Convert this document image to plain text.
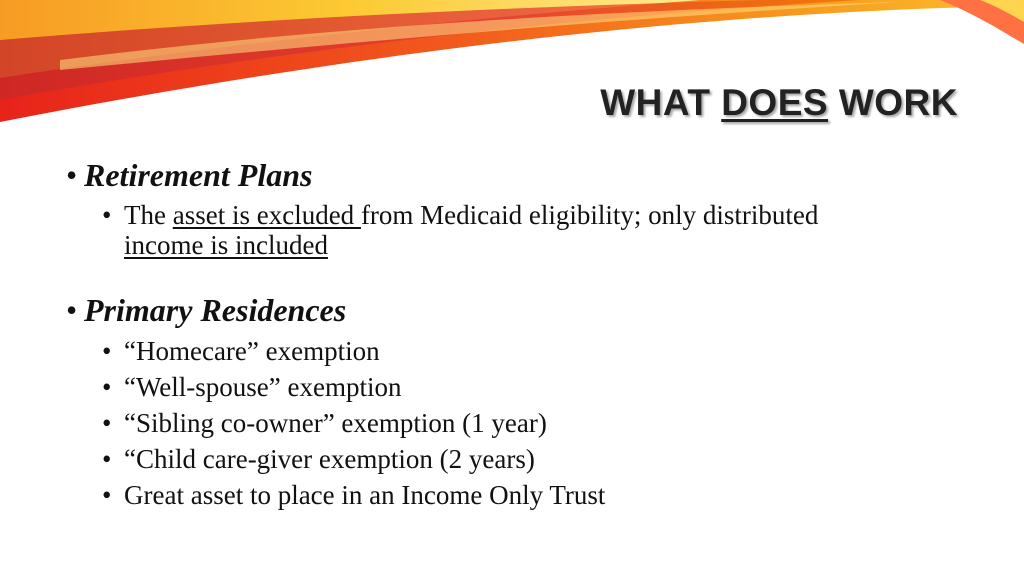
WHAT DOES WORK
• Retirement Plans
• The asset is excluded from Medicaid eligibility; only distributed
income is included
• Primary Residences
• “Homecare” exemption
• “Well-spouse” exemption
• “Sibling co-owner” exemption (1 year)
• “Child care-giver exemption (2 years)
• Great asset to place in an Income Only Trust
